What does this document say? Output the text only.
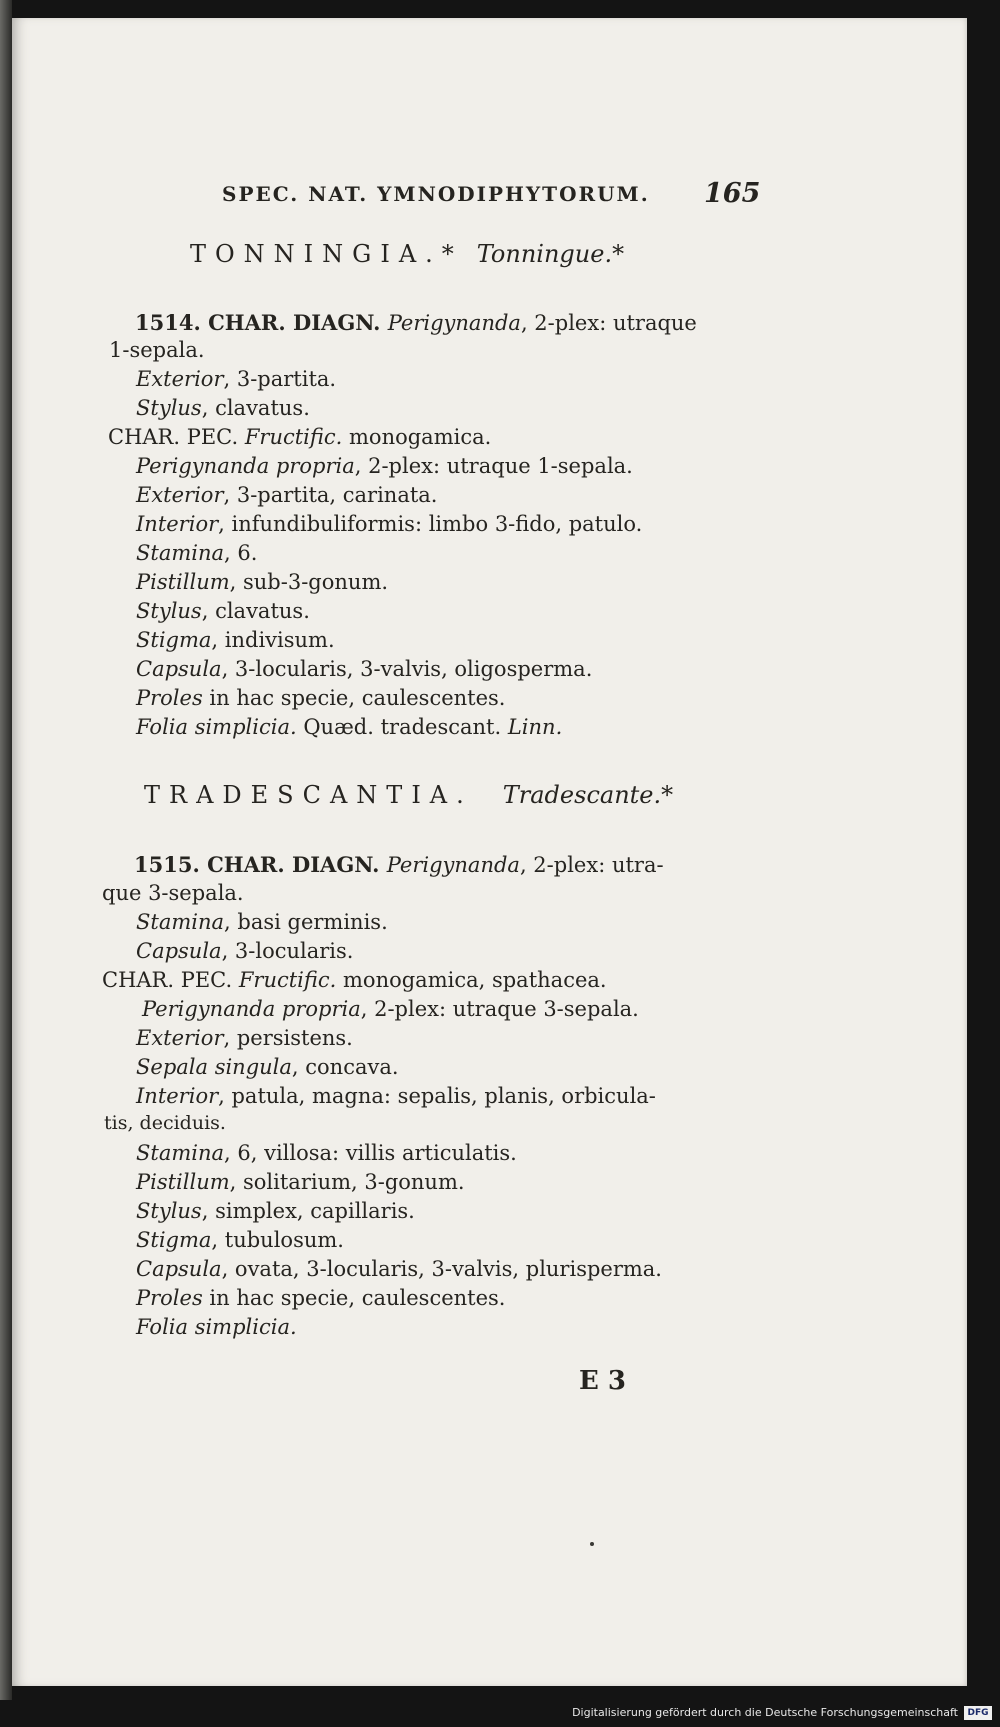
SPEC. NAT. YMNODIPHYTORUM. 165
TONNINGIA.* Tonningue.*
1514. CHAR. DIAGN. Perigynanda, 2-plex: utraque
1-sepala.
Exterior, 3-partita.
Stylus, clavatus.
CHAR. PEC. Fructific. monogamica.
Perigynanda propria, 2-plex: utraque 1-sepala.
Exterior, 3-partita, carinata.
Interior, infundibuliformis: limbo 3-fido, patulo.
Stamina, 6.
Pistillum, sub-3-gonum.
Stylus, clavatus.
Stigma, indivisum.
Capsula, 3-locularis, 3-valvis, oligosperma.
Proles in hac specie, caulescentes.
Folia simplicia. Quæd. tradescant. Linn.
TRADESCANTIA. Tradescante.*
1515. CHAR. DIAGN. Perigynanda, 2-plex: utra-
que 3-sepala.
Stamina, basi germinis.
Capsula, 3-locularis.
CHAR. PEC. Fructific. monogamica, spathacea.
Perigynanda propria, 2-plex: utraque 3-sepala.
Exterior, persistens.
Sepala singula, concava.
Interior, patula, magna: sepalis, planis, orbicula-
tis, deciduis.
Stamina, 6, villosa: villis articulatis.
Pistillum, solitarium, 3-gonum.
Stylus, simplex, capillaris.
Stigma, tubulosum.
Capsula, ovata, 3-locularis, 3-valvis, plurisperma.
Proles in hac specie, caulescentes.
Folia simplicia.
E 3
Digitalisierung gefördert durch die Deutsche Forschungsgemeinschaft	DFG
